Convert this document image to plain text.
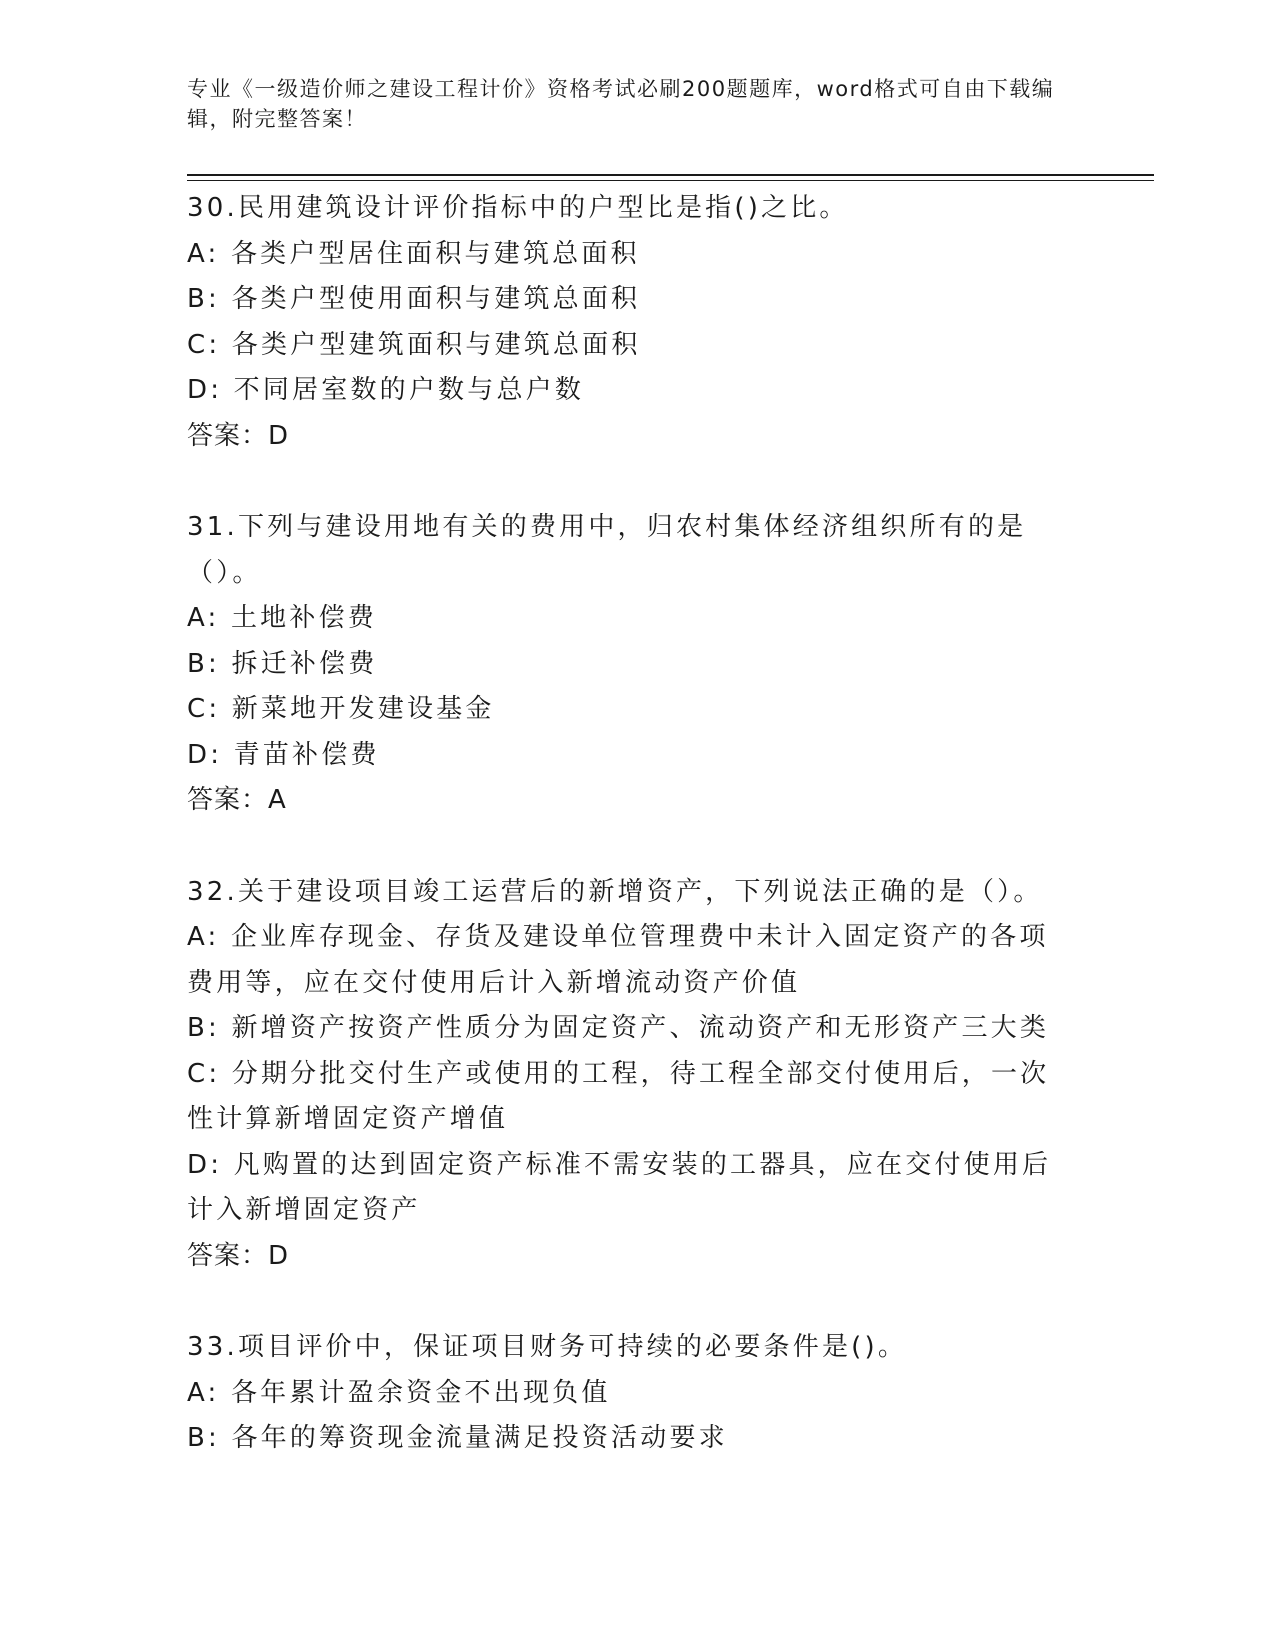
专业《一级造价师之建设工程计价》资格考试必刷200题题库，word格式可自由下载编辑，附完整答案！
30.民用建筑设计评价指标中的户型比是指()之比。
A: 各类户型居住面积与建筑总面积
B: 各类户型使用面积与建筑总面积
C: 各类户型建筑面积与建筑总面积
D: 不同居室数的户数与总户数
答案：D
31.下列与建设用地有关的费用中，归农村集体经济组织所有的是（）。
A: 土地补偿费
B: 拆迁补偿费
C: 新菜地开发建设基金
D: 青苗补偿费
答案：A
32.关于建设项目竣工运营后的新增资产，下列说法正确的是（）。
A: 企业库存现金、存货及建设单位管理费中未计入固定资产的各项费用等，应在交付使用后计入新增流动资产价值
B: 新增资产按资产性质分为固定资产、流动资产和无形资产三大类
C: 分期分批交付生产或使用的工程，待工程全部交付使用后，一次性计算新增固定资产增值
D: 凡购置的达到固定资产标准不需安装的工器具，应在交付使用后计入新增固定资产
答案：D
33.项目评价中，保证项目财务可持续的必要条件是()。
A: 各年累计盈余资金不出现负值
B: 各年的筹资现金流量满足投资活动要求
